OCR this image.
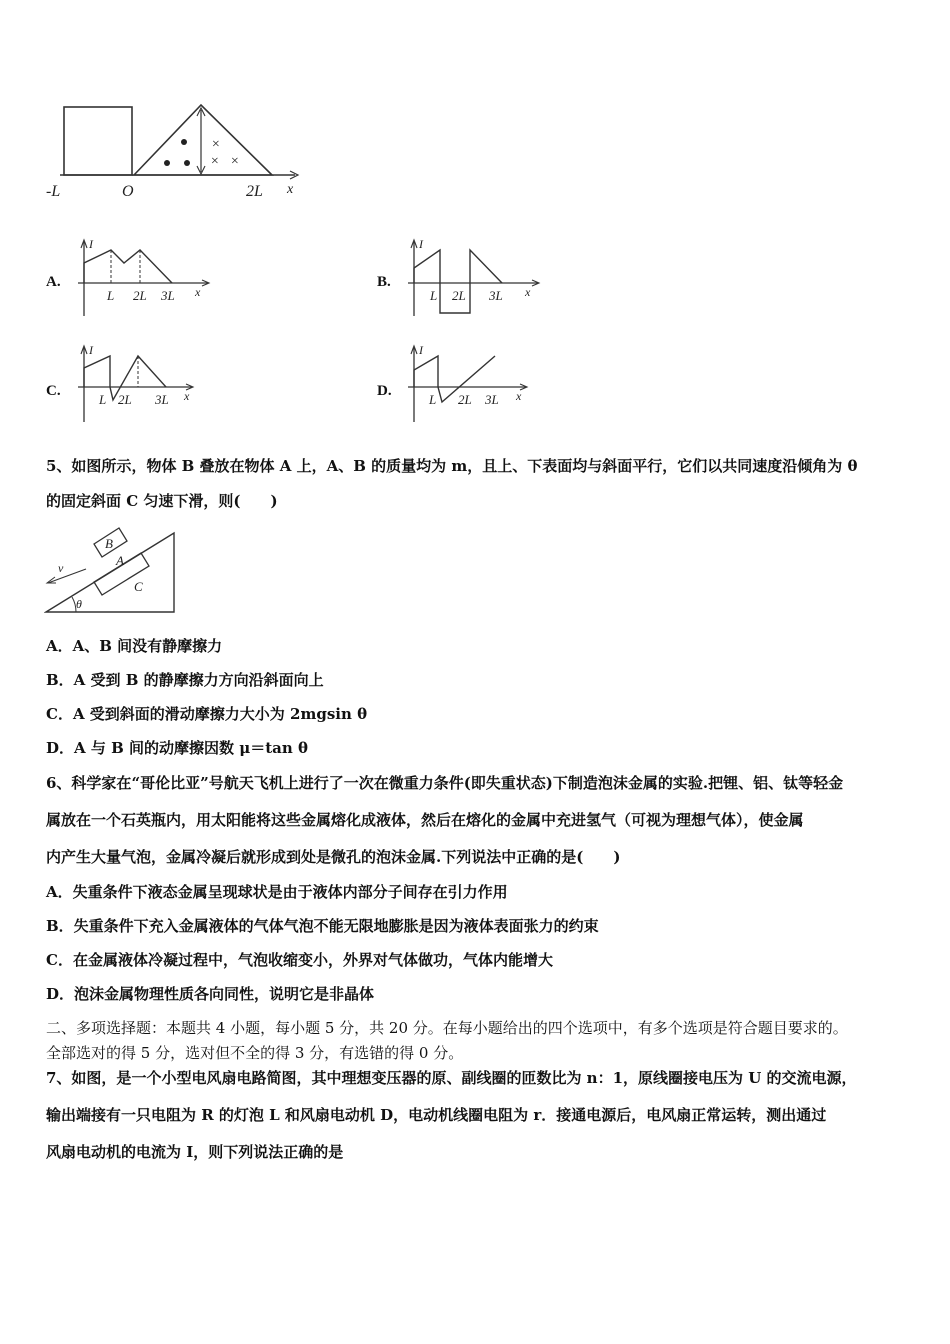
×
× ×
-L	O	2L x
A.
I
L 2L 3L x
B.
I
L 2L 3L x
C.
I
L 2L 3L x	D.
I
L 2L 3L x
5、如图所示，物体 B 叠放在物体 A 上，A、B 的质量均为 m，且上、下表面均与斜面平行，它们以共同速度沿倾角为 θ
的固定斜面 C 匀速下滑，则(　　)
B
A
C
v
θ
A．A、B 间没有静摩擦力
B．A 受到 B 的静摩擦力方向沿斜面向上
C．A 受到斜面的滑动摩擦力大小为 2mgsin θ
D．A 与 B 间的动摩擦因数 μ＝tan θ
6、科学家在“哥伦比亚”号航天飞机上进行了一次在微重力条件(即失重状态)下制造泡沫金属的实验.把锂、铝、钛等轻金
属放在一个石英瓶内，用太阳能将这些金属熔化成液体，然后在熔化的金属中充进氢气（可视为理想气体），使金属
内产生大量气泡，金属冷凝后就形成到处是微孔的泡沫金属.下列说法中正确的是(　　)
A．失重条件下液态金属呈现球状是由于液体内部分子间存在引力作用
B．失重条件下充入金属液体的气体气泡不能无限地膨胀是因为液体表面张力的约束
C．在金属液体冷凝过程中，气泡收缩变小，外界对气体做功，气体内能增大
D．泡沫金属物理性质各向同性，说明它是非晶体
二、多项选择题：本题共 4 小题，每小题 5 分，共 20 分。在每小题给出的四个选项中，有多个选项是符合题目要求的。
全部选对的得 5 分，选对但不全的得 3 分，有选错的得 0 分。
7、如图，是一个小型电风扇电路简图，其中理想变压器的原、副线圈的匝数比为 n：1，原线圈接电压为 U 的交流电源，
输出端接有一只电阻为 R 的灯泡 L 和风扇电动机 D，电动机线圈电阻为 r．接通电源后，电风扇正常运转，测出通过
风扇电动机的电流为 I，则下列说法正确的是
